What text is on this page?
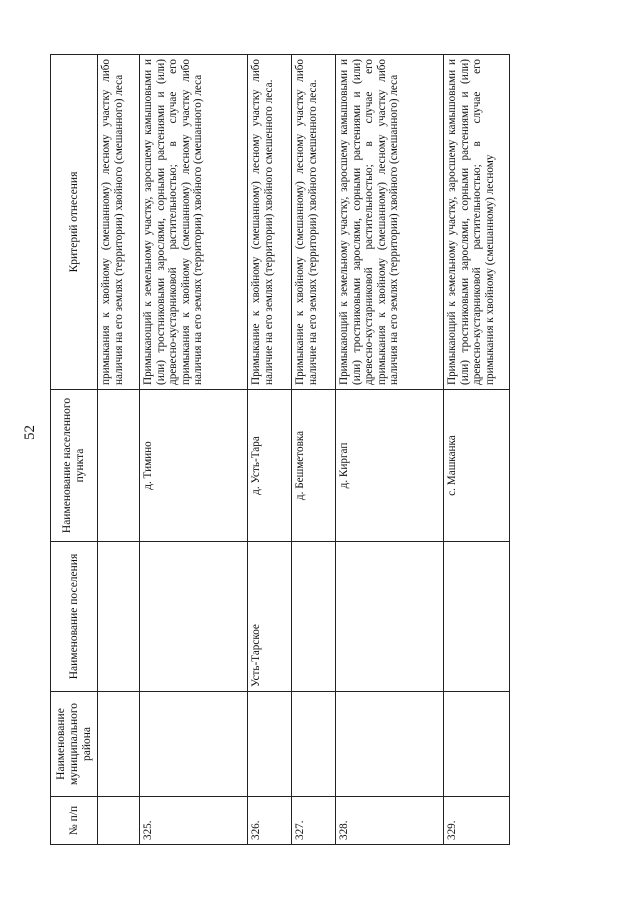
52
№ п/п	Наименование муниципального района	Наименование поселения	Наименование населенного пункта	Критерий отнесения
				примыкания к хвойному (смешанному) лесному участку либо наличия на его землях (территории) хвойного (смешанного) леса
325.			д. Тимино	Примыкающий к земельному участку, заросшему камышовыми и (или) тростниковыми зарослями, сорными растениями и (или) древесно-кустарниковой растительностью; в случае его примыкания к хвойному (смешанному) лесному участку либо наличия на его землях (территории) хвойного (смешанного) леса
326.		Усть-Тарское	д. Усть-Тара	Примыкание к хвойному (смешанному) лесному участку либо наличие на его землях (территории) хвойного смешенного леса.
327.			д. Бешметовка	Примыкание к хвойному (смешанному) лесному участку либо наличие на его землях (территории) хвойного смешенного леса.
328.			д. Киргап	Примыкающий к земельному участку, заросшему камышовыми и (или) тростниковыми зарослями, сорными растениями и (или) древесно-кустарниковой растительностью; в случае его примыкания к хвойному (смешанному) лесному участку либо наличия на его землях (территории) хвойного (смешанного) леса
329.			с. Машканка	Примыкающий к земельному участку, заросшему камышовыми и (или) тростниковыми зарослями, сорными растениями и (или) древесно-кустарниковой растительностью; в случае его примыкания к хвойному (смешанному) лесному
